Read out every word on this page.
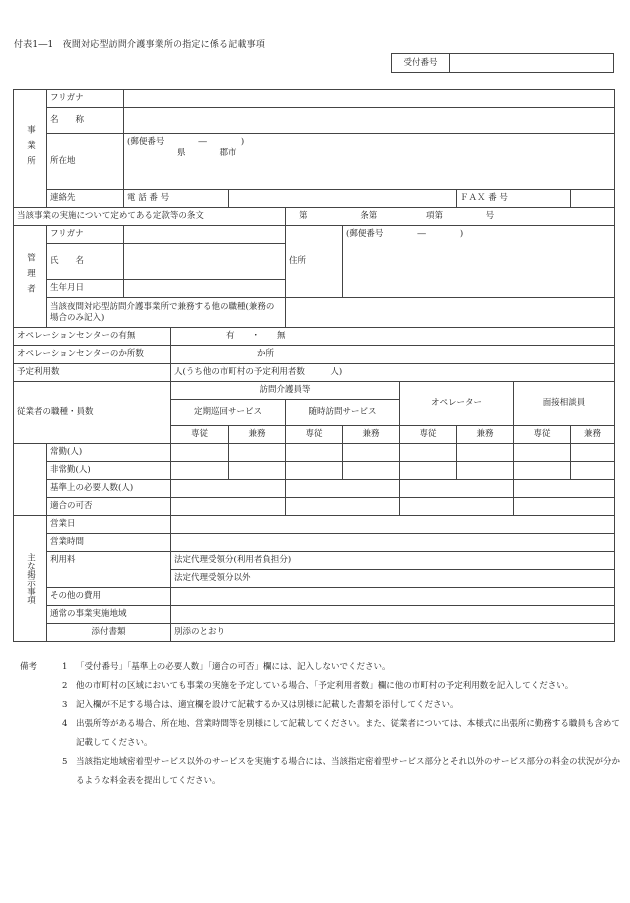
付表1―1　夜間対応型訪問介護事業所の指定に係る記載事項
受付番号
事業所	フリガナ									
	名　　称									
	所在地	(郵便番号　　　　―　　　　)
県　　　　郡市								

	連絡先	電 話 番 号						ＦＡＸ 番 号		
当該事業の実施について定めてある定款等の条文					第 条第 項第 号					
管理者	フリガナ				住所	(郵便番号　　　　―　　　　)				

	氏　　名									
	生年月日									
	当該夜間対応型訪問介護事業所で兼務する他の職種(兼務の場合のみ記入)									
オペレーションセンターの有無			有　　・　　無							
オペレーションセンターのか所数			か所							
予定利用数			人(うち他の市町村の予定利用者数　　　人)							
従業者の職種・員数			訪問介護員等				オペレーター		面接相談員	
			定期巡回サービス		随時訪問サービス					
			専従	兼務	専従	兼務	専従	兼務	専従	兼務
	常勤(人)									
	非常勤(人)									
	基準上の必要人数(人)									
	適合の可否									
主な掲示事項	営業日									
	営業時間									
	利用料		法定代理受領分(利用者負担分)							
			法定代理受領分以外							
	その他の費用									
	通常の事業実施地域									
	添付書類		別添のとおり							
備考	1	「受付番号」「基準上の必要人数」「適合の可否」欄には、記入しないでください。
2	他の市町村の区域においても事業の実施を予定している場合、「予定利用者数」欄に他の市町村の予定利用数を記入してください。
3	記入欄が不足する場合は、適宜欄を設けて記載するか又は別様に記載した書類を添付してください。
4	出張所等がある場合、所在地、営業時間等を別様にして記載してください。また、従業者については、本様式に出張所に勤務する職員も含めて記載してください。
5	当該指定地域密着型サービス以外のサービスを実施する場合には、当該指定密着型サービス部分とそれ以外のサービス部分の料金の状況が分かるような料金表を提出してください。
